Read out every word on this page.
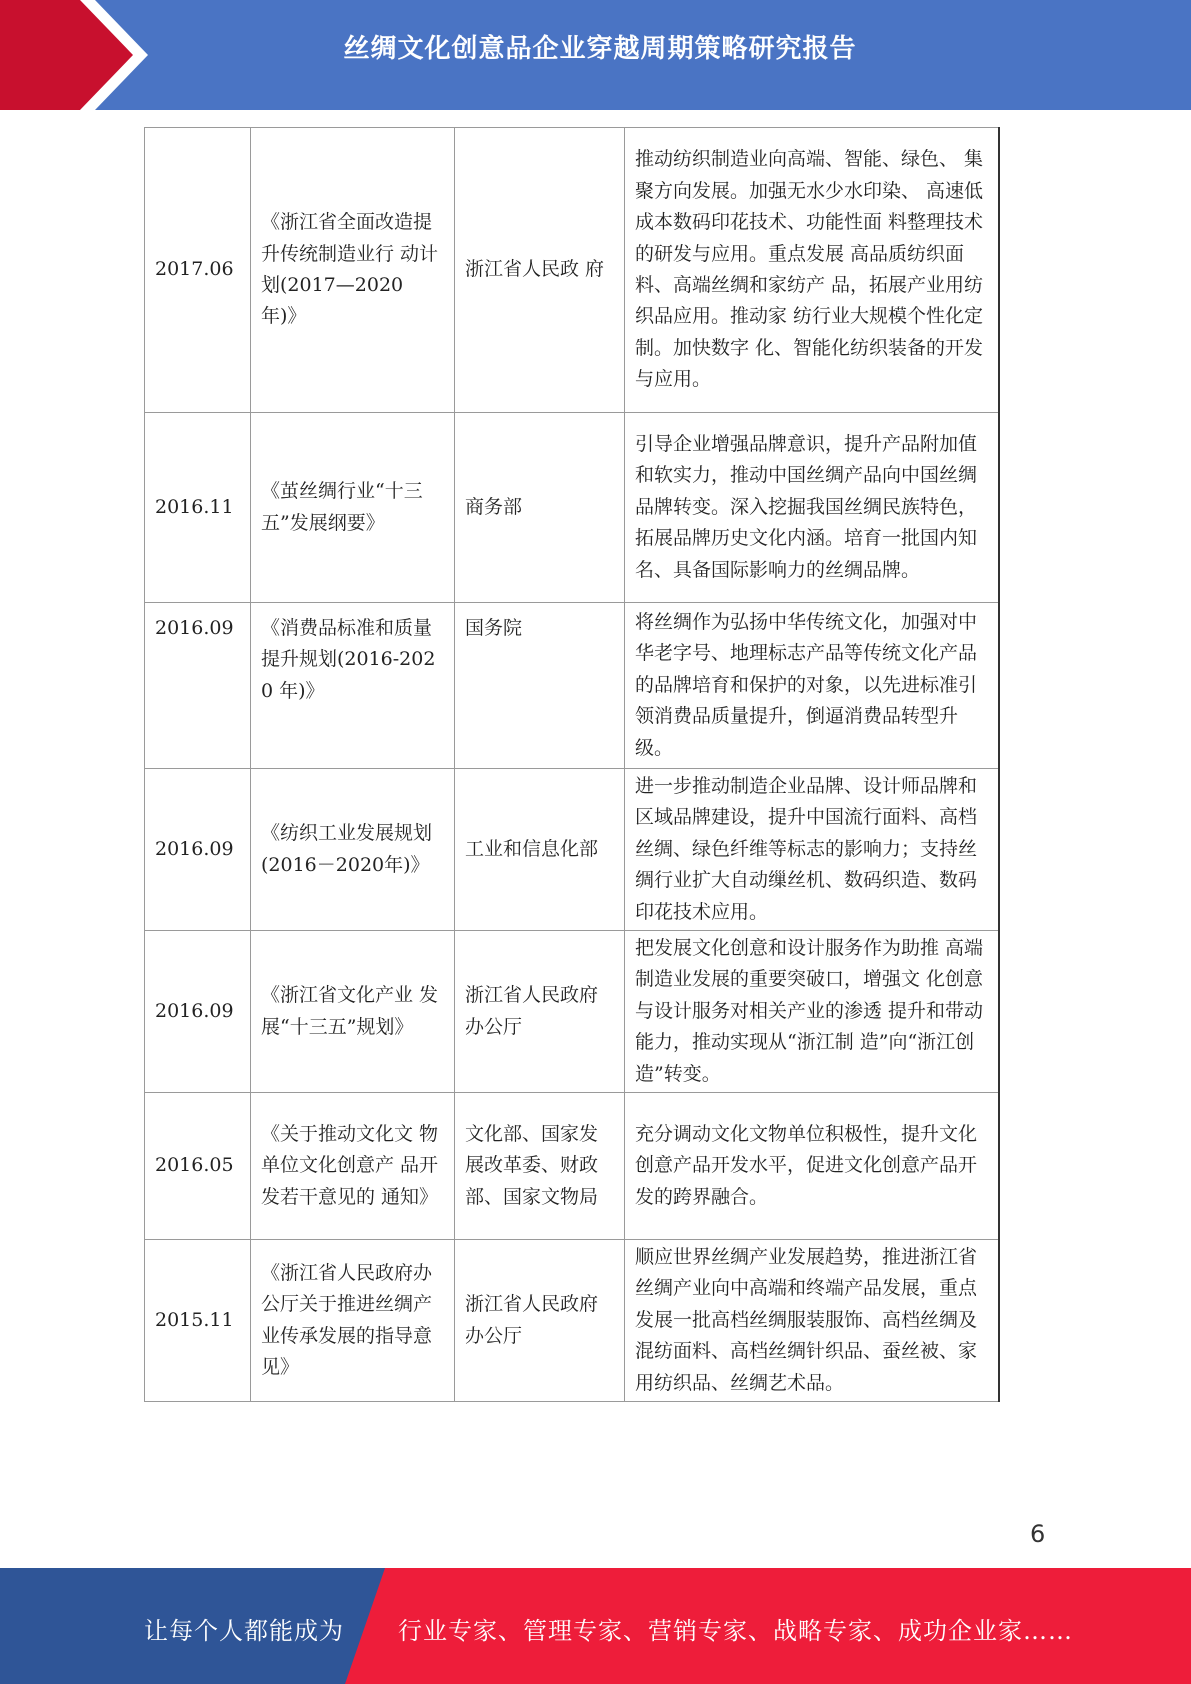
丝绸文化创意品企业穿越周期策略研究报告
2017.06	《浙江省全面改造提升传统制造业行 动计划(2017—2020 年)》	浙江省人民政 府	推动纺织制造业向高端、智能、绿色、 集聚方向发展。加强无水少水印染、 高速低成本数码印花技术、功能性面 料整理技术的研发与应用。重点发展 高品质纺织面料、高端丝绸和家纺产 品，拓展产业用纺织品应用。推动家 纺行业大规模个性化定制。加快数字 化、智能化纺织装备的开发与应用。
2016.11	《茧丝绸行业“十三五”发展纲要》	商务部	引导企业增强品牌意识，提升产品附加值和软实力，推动中国丝绸产品向中国丝绸品牌转变。深入挖掘我国丝绸民族特色，拓展品牌历史文化内涵。培育一批国内知名、具备国际影响力的丝绸品牌。
2016.09	《消费品标准和质量提升规划(2016-2020 年)》	国务院	将丝绸作为弘扬中华传统文化，加强对中华老字号、地理标志产品等传统文化产品的品牌培育和保护的对象，以先进标准引领消费品质量提升，倒逼消费品转型升级。
2016.09	《纺织工业发展规划(2016－2020年)》	工业和信息化部	进一步推动制造企业品牌、设计师品牌和区域品牌建设，提升中国流行面料、高档丝绸、绿色纤维等标志的影响力；支持丝绸行业扩大自动缫丝机、数码织造、数码印花技术应用。
2016.09	《浙江省文化产业 发展“十三五”规划》	浙江省人民政府 办公厅	把发展文化创意和设计服务作为助推 高端制造业发展的重要突破口，增强文 化创意与设计服务对相关产业的渗透 提升和带动能力，推动实现从“浙江制 造”向“浙江创造”转变。
2016.05	《关于推动文化文 物单位文化创意产 品开发若干意见的 通知》	文化部、国家发 展改革委、财政 部、国家文物局	充分调动文化文物单位积极性，提升文化创意产品开发水平，促进文化创意产品开发的跨界融合。
2015.11	《浙江省人民政府办公厅关于推进丝绸产业传承发展的指导意见》	浙江省人民政府办公厅	顺应世界丝绸产业发展趋势，推进浙江省丝绸产业向中高端和终端产品发展，重点发展一批高档丝绸服装服饰、高档丝绸及混纺面料、高档丝绸针织品、蚕丝被、家用纺织品、丝绸艺术品。
6
让每个人都能成为 行业专家、管理专家、营销专家、战略专家、成功企业家……
